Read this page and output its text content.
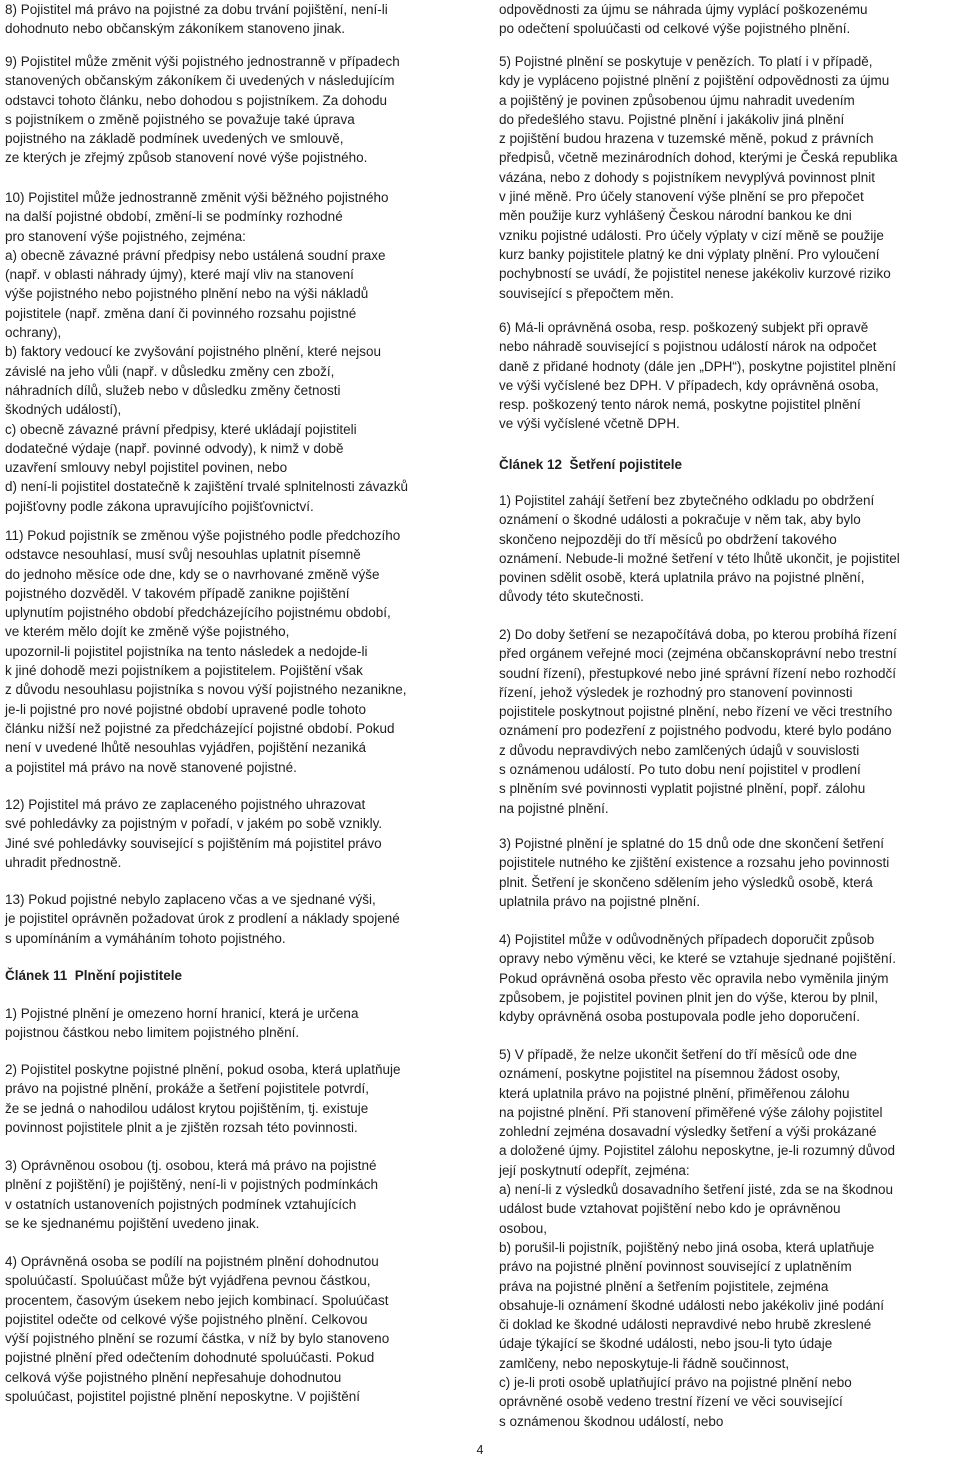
8) Pojistitel má právo na pojistné za dobu trvání pojištění, není-li
dohodnuto nebo občanským zákoníkem stanoveno jinak.

9) Pojistitel může změnit výši pojistného jednostranně v případech
stanovených občanským zákoníkem či uvedených v následujícím
odstavci tohoto článku, nebo dohodou s pojistníkem. Za dohodu
s pojistníkem o změně pojistného se považuje také úprava
pojistného na základě podmínek uvedených ve smlouvě,
ze kterých je zřejmý způsob stanovení nové výše pojistného.

10) Pojistitel může jednostranně změnit výši běžného pojistného
na další pojistné období, změní-li se podmínky rozhodné
pro stanovení výše pojistného, zejména:
a) obecně závazné právní předpisy nebo ustálená soudní praxe
(např. v oblasti náhrady újmy), které mají vliv na stanovení
výše pojistného nebo pojistného plnění nebo na výši nákladů
pojistitele (např. změna daní či povinného rozsahu pojistné
ochrany),
b) faktory vedoucí ke zvyšování pojistného plnění, které nejsou
závislé na jeho vůli (např. v důsledku změny cen zboží,
náhradních dílů, služeb nebo v důsledku změny četnosti
škodných událostí),
c) obecně závazné právní předpisy, které ukládají pojistiteli
dodatečné výdaje (např. povinné odvody), k nimž v době
uzavření smlouvy nebyl pojistitel povinen, nebo
d) není-li pojistitel dostatečně k zajištění trvalé splnitelnosti závazků
pojišťovny podle zákona upravujícího pojišťovnictví.

11) Pokud pojistník se změnou výše pojistného podle předchozího
odstavce nesouhlasí, musí svůj nesouhlas uplatnit písemně
do jednoho měsíce ode dne, kdy se o navrhované změně výše
pojistného dozvěděl. V takovém případě zanikne pojištění
uplynutím pojistného období předcházejícího pojistnému období,
ve kterém mělo dojít ke změně výše pojistného,
upozornil-li pojistitel pojistníka na tento následek a nedojde-li
k jiné dohodě mezi pojistníkem a pojistitelem. Pojištění však
z důvodu nesouhlasu pojistníka s novou výší pojistného nezanikne,
je-li pojistné pro nové pojistné období upravené podle tohoto
článku nižší než pojistné za předcházející pojistné období. Pokud
není v uvedené lhůtě nesouhlas vyjádřen, pojištění nezaniká
a pojistitel má právo na nově stanovené pojistné.

12) Pojistitel má právo ze zaplaceného pojistného uhrazovat
své pohledávky za pojistným v pořadí, v jakém po sobě vznikly.
Jiné své pohledávky související s pojištěním má pojistitel právo
uhradit přednostně.

13) Pokud pojistné nebylo zaplaceno včas a ve sjednané výši,
je pojistitel oprávněn požadovat úrok z prodlení a náklady spojené
s upomínáním a vymáháním tohoto pojistného.

Článek 11  Plnění pojistitele

1) Pojistné plnění je omezeno horní hranicí, která je určena
pojistnou částkou nebo limitem pojistného plnění.

2) Pojistitel poskytne pojistné plnění, pokud osoba, která uplatňuje
právo na pojistné plnění, prokáže a šetření pojistitele potvrdí,
že se jedná o nahodilou událost krytou pojištěním, tj. existuje
povinnost pojistitele plnit a je zjištěn rozsah této povinnosti.

3) Oprávněnou osobou (tj. osobou, která má právo na pojistné
plnění z pojištění) je pojištěný, není-li v pojistných podmínkách
v ostatních ustanoveních pojistných podmínek vztahujících
se ke sjednanému pojištění uvedeno jinak.

4) Oprávněná osoba se podílí na pojistném plnění dohodnutou
spoluúčastí. Spoluúčast může být vyjádřena pevnou částkou,
procentem, časovým úsekem nebo jejich kombinací. Spoluúčast
pojistitel odečte od celkové výše pojistného plnění. Celkovou
výší pojistného plnění se rozumí částka, v níž by bylo stanoveno
pojistné plnění před odečtením dohodnuté spoluúčasti. Pokud
celková výše pojistného plnění nepřesahuje dohodnutou
spoluúčast, pojistitel pojistné plnění neposkytne. V pojištění

odpovědnosti za újmu se náhrada újmy vyplácí poškozenému
po odečtení spoluúčasti od celkové výše pojistného plnění.

5) Pojistné plnění se poskytuje v penězích. To platí i v případě,
kdy je vypláceno pojistné plnění z pojištění odpovědnosti za újmu
a pojištěný je povinen způsobenou újmu nahradit uvedením
do předešlého stavu. Pojistné plnění i jakákoliv jiná plnění
z pojištění budou hrazena v tuzemské měně, pokud z právních
předpisů, včetně mezinárodních dohod, kterými je Česká republika
vázána, nebo z dohody s pojistníkem nevyplývá povinnost plnit
v jiné měně. Pro účely stanovení výše plnění se pro přepočet
měn použije kurz vyhlášený Českou národní bankou ke dni
vzniku pojistné události. Pro účely výplaty v cizí měně se použije
kurz banky pojistitele platný ke dni výplaty plnění. Pro vyloučení
pochybností se uvádí, že pojistitel nenese jakékoliv kurzové riziko
související s přepočtem měn.

6) Má-li oprávněná osoba, resp. poškozený subjekt při opravě
nebo náhradě související s pojistnou událostí nárok na odpočet
daně z přidané hodnoty (dále jen „DPH“), poskytne pojistitel plnění
ve výši vyčíslené bez DPH. V případech, kdy oprávněná osoba,
resp. poškozený tento nárok nemá, poskytne pojistitel plnění
ve výši vyčíslené včetně DPH.

Článek 12  Šetření pojistitele

1) Pojistitel zahájí šetření bez zbytečného odkladu po obdržení
oznámení o škodné události a pokračuje v něm tak, aby bylo
skončeno nejpozději do tří měsíců po obdržení takového
oznámení. Nebude-li možné šetření v této lhůtě ukončit, je pojistitel
povinen sdělit osobě, která uplatnila právo na pojistné plnění,
důvody této skutečnosti.

2) Do doby šetření se nezapočítává doba, po kterou probíhá řízení
před orgánem veřejné moci (zejména občanskoprávní nebo trestní
soudní řízení), přestupkové nebo jiné správní řízení nebo rozhodčí
řízení, jehož výsledek je rozhodný pro stanovení povinnosti
pojistitele poskytnout pojistné plnění, nebo řízení ve věci trestního
oznámení pro podezření z pojistného podvodu, které bylo podáno
z důvodu nepravdivých nebo zamlčených údajů v souvislosti
s oznámenou událostí. Po tuto dobu není pojistitel v prodlení
s plněním své povinnosti vyplatit pojistné plnění, popř. zálohu
na pojistné plnění.

3) Pojistné plnění je splatné do 15 dnů ode dne skončení šetření
pojistitele nutného ke zjištění existence a rozsahu jeho povinnosti
plnit. Šetření je skončeno sdělením jeho výsledků osobě, která
uplatnila právo na pojistné plnění.

4) Pojistitel může v odůvodněných případech doporučit způsob
opravy nebo výměnu věci, ke které se vztahuje sjednané pojištění.
Pokud oprávněná osoba přesto věc opravila nebo vyměnila jiným
způsobem, je pojistitel povinen plnit jen do výše, kterou by plnil,
kdyby oprávněná osoba postupovala podle jeho doporučení.

5) V případě, že nelze ukončit šetření do tří měsíců ode dne
oznámení, poskytne pojistitel na písemnou žádost osoby,
která uplatnila právo na pojistné plnění, přiměřenou zálohu
na pojistné plnění. Při stanovení přiměřené výše zálohy pojistitel
zohlední zejména dosavadní výsledky šetření a výši prokázané
a doložené újmy. Pojistitel zálohu neposkytne, je-li rozumný důvod
její poskytnutí odepřít, zejména:
a) není-li z výsledků dosavadního šetření jisté, zda se na škodnou
událost bude vztahovat pojištění nebo kdo je oprávněnou
osobou,
b) porušil-li pojistník, pojištěný nebo jiná osoba, která uplatňuje
právo na pojistné plnění povinnost související z uplatněním
práva na pojistné plnění a šetřením pojistitele, zejména
obsahuje-li oznámení škodné události nebo jakékoliv jiné podání
či doklad ke škodné události nepravdivé nebo hrubě zkreslené
údaje týkající se škodné události, nebo jsou-li tyto údaje
zamlčeny, nebo neposkytuje-li řádně součinnost,
c) je-li proti osobě uplatňující právo na pojistné plnění nebo
oprávněné osobě vedeno trestní řízení ve věci související
s oznámenou škodnou událostí, nebo

4
